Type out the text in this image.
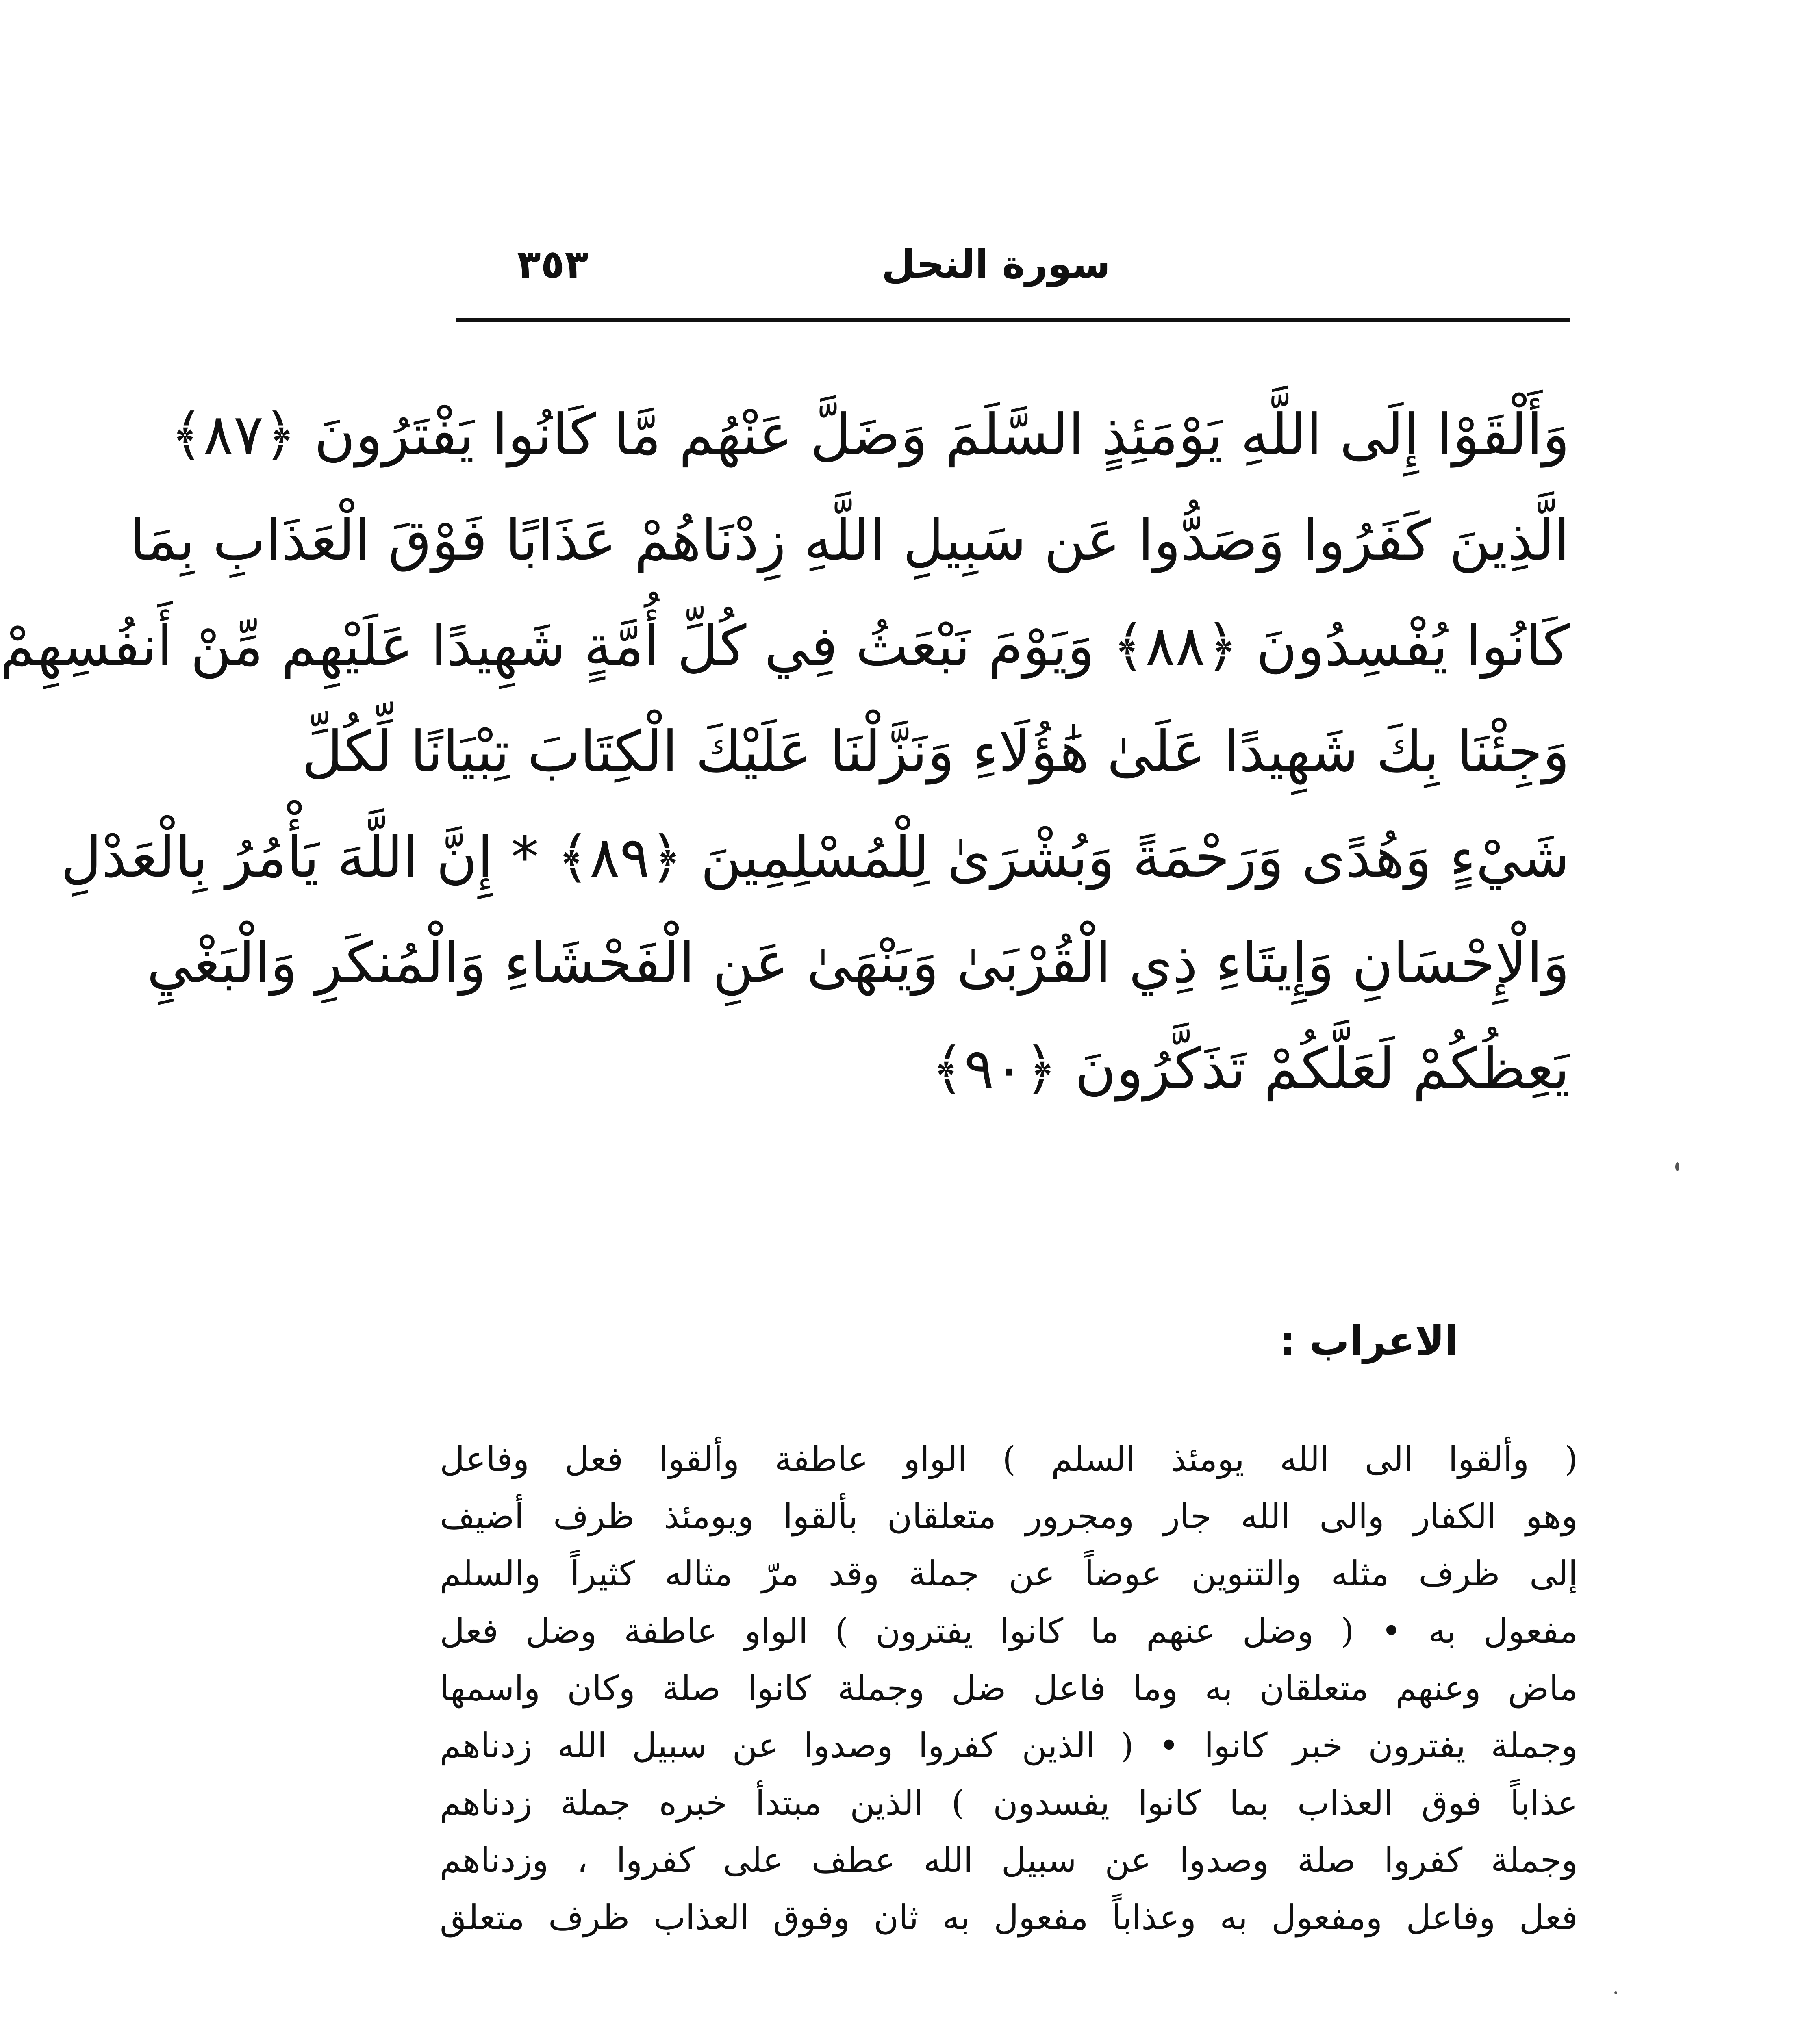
سورة النحل
٣٥٣
وَأَلْقَوْا إِلَى اللَّهِ يَوْمَئِذٍ السَّلَمَ وَضَلَّ عَنْهُم مَّا كَانُوا يَفْتَرُونَ ﴿٨٧﴾
الَّذِينَ كَفَرُوا وَصَدُّوا عَن سَبِيلِ اللَّهِ زِدْنَاهُمْ عَذَابًا فَوْقَ الْعَذَابِ بِمَا
كَانُوا يُفْسِدُونَ ﴿٨٨﴾ وَيَوْمَ نَبْعَثُ فِي كُلِّ أُمَّةٍ شَهِيدًا عَلَيْهِم مِّنْ أَنفُسِهِمْ
وَجِئْنَا بِكَ شَهِيدًا عَلَىٰ هَٰؤُلَاءِ وَنَزَّلْنَا عَلَيْكَ الْكِتَابَ تِبْيَانًا لِّكُلِّ
شَيْءٍ وَهُدًى وَرَحْمَةً وَبُشْرَىٰ لِلْمُسْلِمِينَ ﴿٨٩﴾ * إِنَّ اللَّهَ يَأْمُرُ بِالْعَدْلِ
وَالْإِحْسَانِ وَإِيتَاءِ ذِي الْقُرْبَىٰ وَيَنْهَىٰ عَنِ الْفَحْشَاءِ وَالْمُنكَرِ وَالْبَغْيِ
يَعِظُكُمْ لَعَلَّكُمْ تَذَكَّرُونَ ﴿٩٠﴾
الاعراب :
( وألقوا الى الله يومئذ السلم ) الواو عاطفة وألقوا فعل وفاعل
وهو الكفار والى الله جار ومجرور متعلقان بألقوا ويومئذ ظرف أضيف
إلى ظرف مثله والتنوين عوضاً عن جملة وقد مرّ مثاله كثيراً والسلم
مفعول به • ( وضل عنهم ما كانوا يفترون ) الواو عاطفة وضل فعل
ماض وعنهم متعلقان به وما فاعل ضل وجملة كانوا صلة وكان واسمها
وجملة يفترون خبر كانوا • ( الذين كفروا وصدوا عن سبيل الله زدناهم
عذاباً فوق العذاب بما كانوا يفسدون ) الذين مبتدأ خبره جملة زدناهم
وجملة كفروا صلة وصدوا عن سبيل الله عطف على كفروا ، وزدناهم
فعل وفاعل ومفعول به وعذاباً مفعول به ثان وفوق العذاب ظرف متعلق
